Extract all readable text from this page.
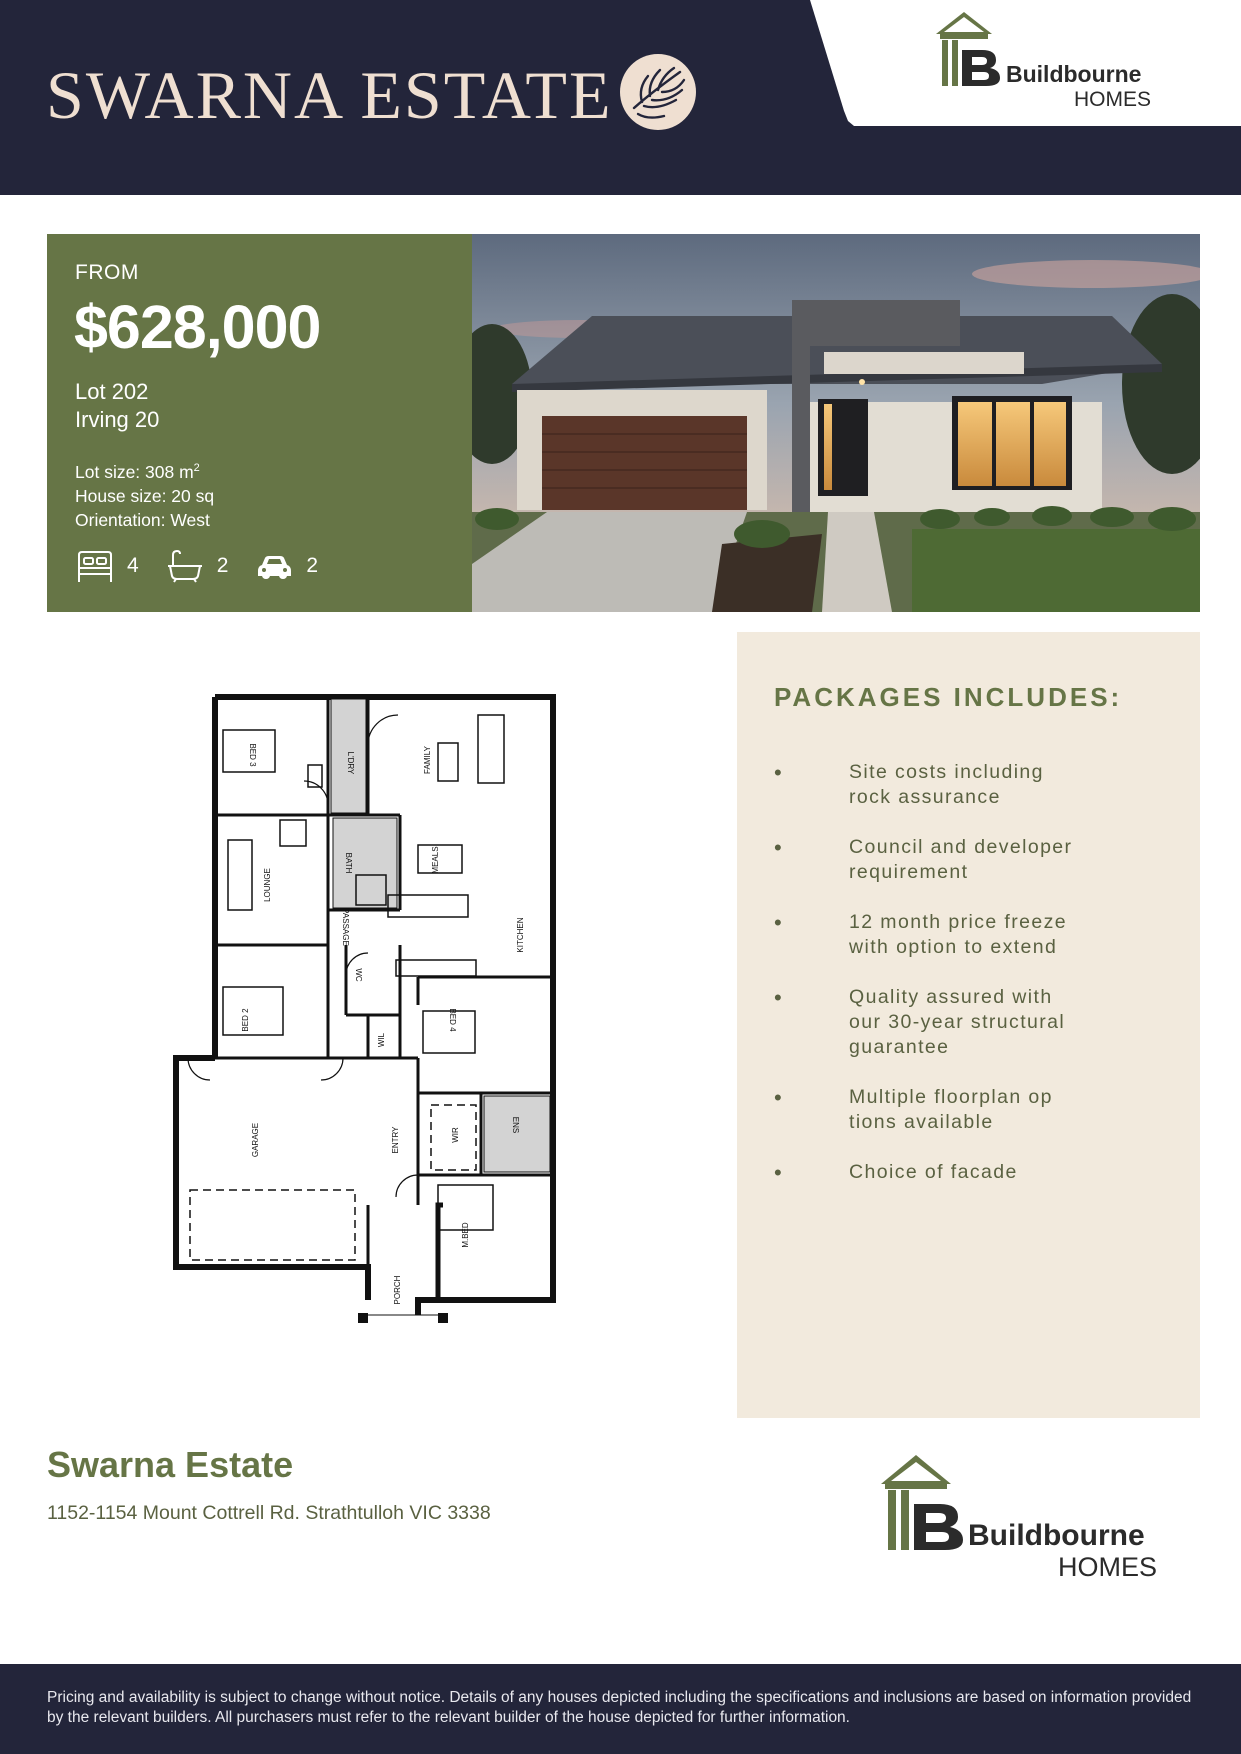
SWARNA ESTATE	Buildbourne
HOMES
FROM
$628,000
Lot 202
Irving 20
Lot size: 308 $m^2$
House size: 20 sq
Orientation: West
4	2	2
BED 3	L'DRY	FAMILY
LOUNGE
BATH	MEALS
PASSAGE	KITCHEN
WC
BED 2
WIL
BED 4
GARAGE	ENTRY	WIR
ENS
M.BED
PORCH
PACKAGES INCLUDES:
•	Site costs including
rock assurance
•	Council and developer
requirement
•	12 month price freeze
with option to extend
•	Quality assured with
our 30-year structural
guarantee
•	Multiple floorplan op
tions available
•	Choice of facade
Swarna Estate
1152-1154 Mount Cottrell Rd. Strathtulloh VIC 3338
Buildbourne
HOMES
Pricing and availability is subject to change without notice. Details of any houses depicted including the specifications and inclusions are based on information provided by the relevant builders. All purchasers must refer to the relevant builder of the house depicted for further information.
